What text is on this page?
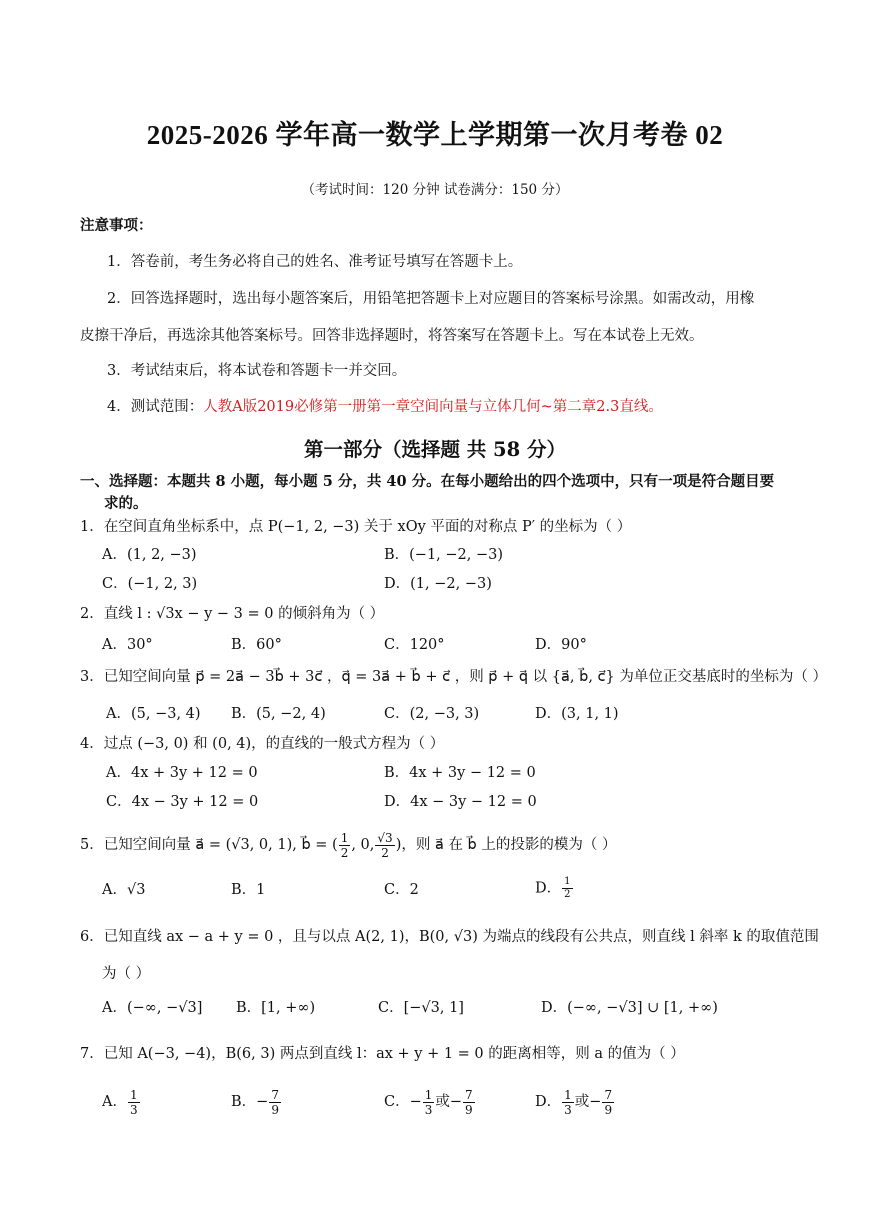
2025-2026 学年高一数学上学期第一次月考卷 02
（考试时间：120 分钟 试卷满分：150 分）
注意事项：
1．答卷前，考生务必将自己的姓名、准考证号填写在答题卡上。
2．回答选择题时，选出每小题答案后，用铅笔把答题卡上对应题目的答案标号涂黑。如需改动，用橡
皮擦干净后，再选涂其他答案标号。回答非选择题时，将答案写在答题卡上。写在本试卷上无效。
3．考试结束后，将本试卷和答题卡一并交回。
4．测试范围：人教A版2019必修第一册第一章空间向量与立体几何~第二章2.3直线。
第一部分（选择题 共 58 分）
一、选择题：本题共 8 小题，每小题 5 分，共 40 分。在每小题给出的四个选项中，只有一项是符合题目要
求的。
1．在空间直角坐标系中，点 P(−1, 2, −3) 关于 xOy 平面的对称点 P′ 的坐标为（ ）
A．(1, 2, −3)	B．(−1, −2, −3)
C．(−1, 2, 3)	D．(1, −2, −3)
2．直线 l : √3x − y − 3 = 0 的倾斜角为（ ）
A．30°	B．60°	C．120°	D．90°
3．已知空间向量 p⃗ = 2a⃗ − 3b⃗ + 3c⃗ ，q⃗ = 3a⃗ + b⃗ + c⃗ ，则 p⃗ + q⃗ 以 {a⃗, b⃗, c⃗} 为单位正交基底时的坐标为（ ）
A．(5, −3, 4) B．(5, −2, 4)	C．(2, −3, 3)	D．(3, 1, 1)
4．过点 (−3, 0) 和 (0, 4)，的直线的一般式方程为（ ）
A．4x + 3y + 12 = 0	B．4x + 3y − 12 = 0
C．4x − 3y + 12 = 0	D．4x − 3y − 12 = 0
5．已知空间向量 a⃗ = (√3, 0, 1), b⃗ = ( $\frac{1}{2}$ , 0, $\frac{√3}{2}$ )，则 a⃗ 在 b⃗ 上的投影的模为（ ）
A．√3	B．1	C．2	D． $\frac{1}{2}$
6．已知直线 ax − a + y = 0 ，且与以点 A(2, 1)，B(0, √3) 为端点的线段有公共点，则直线 l 斜率 k 的取值范围
为（ ）
A．(−∞, −√3] B．[1, +∞)	C．[−√3, 1]	D．(−∞, −√3] ∪ [1, +∞)
7．已知 A(−3, −4)，B(6, 3) 两点到直线 l：ax + y + 1 = 0 的距离相等，则 a 的值为（ ）
A． $\frac{1}{3}$	B．− $\frac{7}{9}$	C．− $\frac{1}{3}$ 或− $\frac{7}{9}$	D． $\frac{1}{3}$ 或− $\frac{7}{9}$
